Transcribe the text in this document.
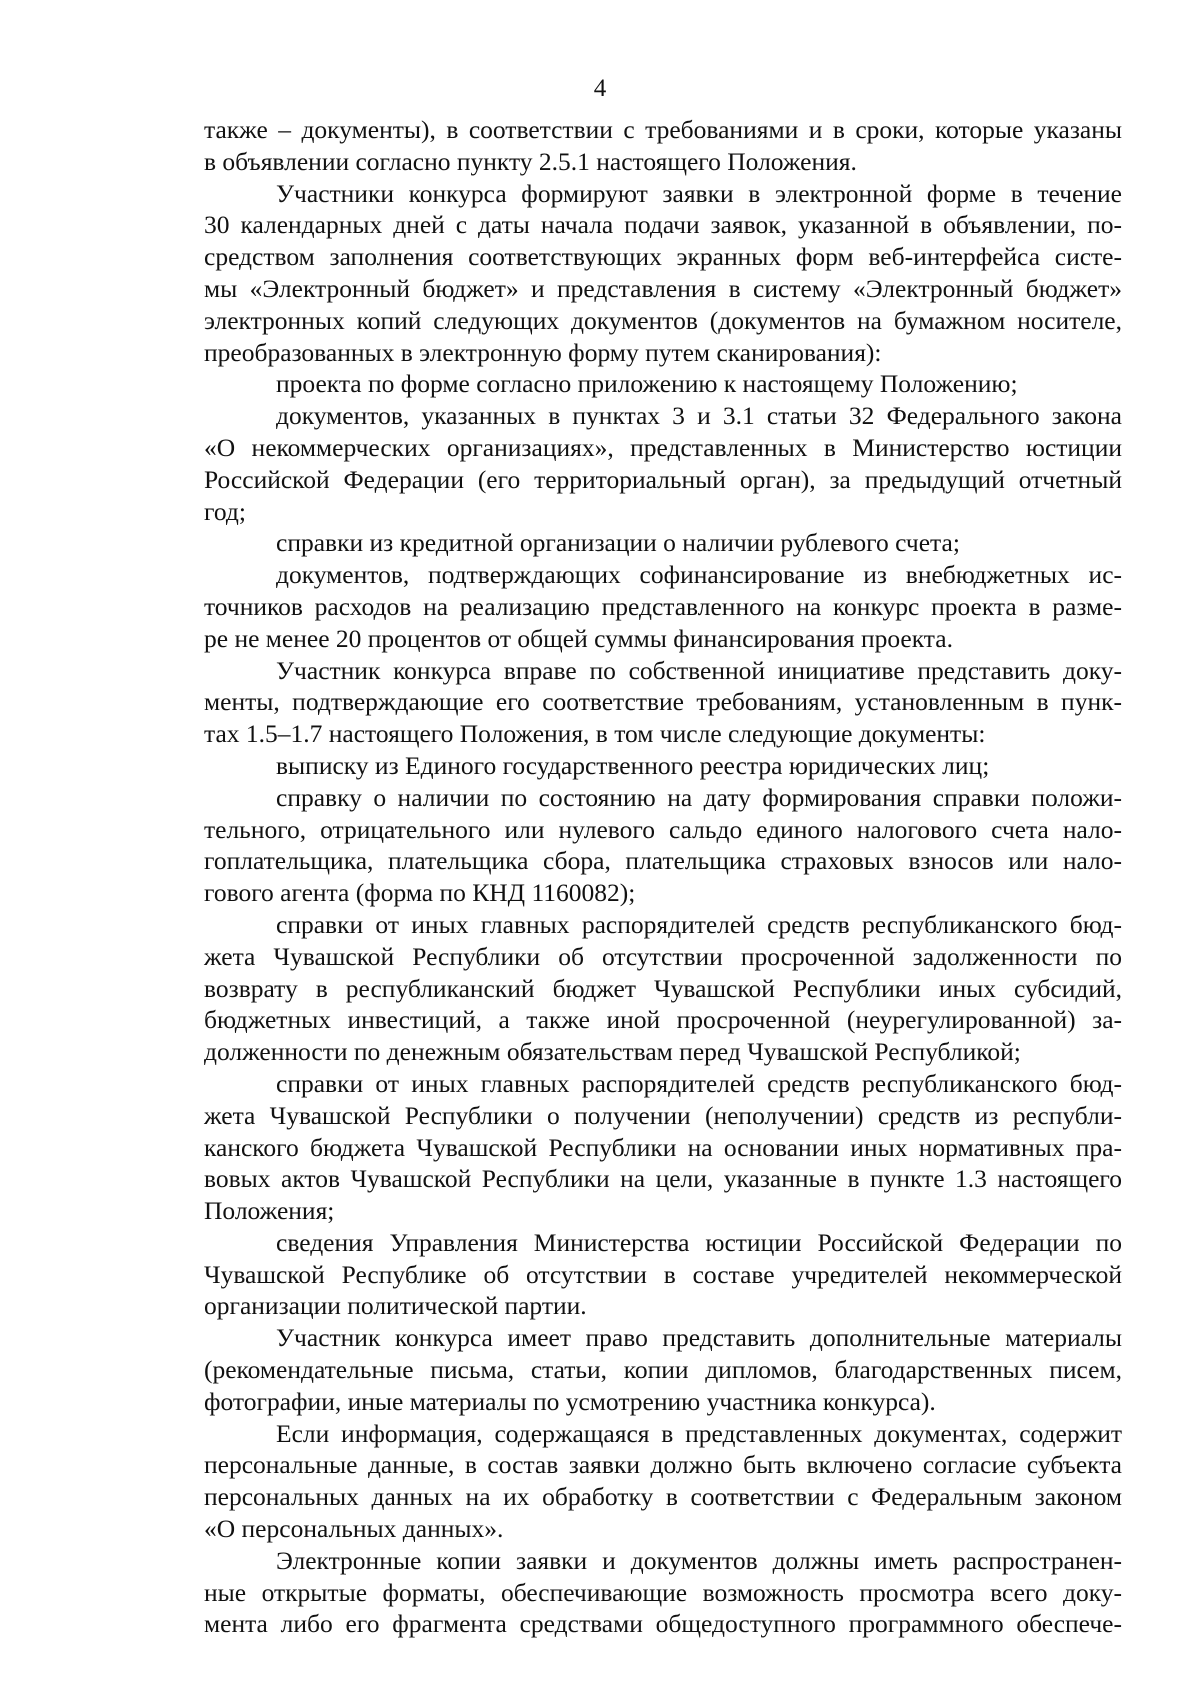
4
также – документы), в соответствии с требованиями и в сроки, которые указаны
в объявлении согласно пункту 2.5.1 настоящего Положения.
Участники конкурса формируют заявки в электронной форме в течение
30 календарных дней с даты начала подачи заявок, указанной в объявлении, по-
средством заполнения соответствующих экранных форм веб-интерфейса систе-
мы «Электронный бюджет» и представления в систему «Электронный бюджет»
электронных копий следующих документов (документов на бумажном носителе,
преобразованных в электронную форму путем сканирования):
проекта по форме согласно приложению к настоящему Положению;
документов, указанных в пунктах 3 и 3.1 статьи 32 Федерального закона
«О некоммерческих организациях», представленных в Министерство юстиции
Российской Федерации (его территориальный орган), за предыдущий отчетный
год;
справки из кредитной организации о наличии рублевого счета;
документов, подтверждающих софинансирование из внебюджетных ис-
точников расходов на реализацию представленного на конкурс проекта в разме-
ре не менее 20 процентов от общей суммы финансирования проекта.
Участник конкурса вправе по собственной инициативе представить доку-
менты, подтверждающие его соответствие требованиям, установленным в пунк-
тах 1.5–1.7 настоящего Положения, в том числе следующие документы:
выписку из Единого государственного реестра юридических лиц;
справку о наличии по состоянию на дату формирования справки положи-
тельного, отрицательного или нулевого сальдо единого налогового счета нало-
гоплательщика, плательщика сбора, плательщика страховых взносов или нало-
гового агента (форма по КНД 1160082);
справки от иных главных распорядителей средств республиканского бюд-
жета Чувашской Республики об отсутствии просроченной задолженности по
возврату в республиканский бюджет Чувашской Республики иных субсидий,
бюджетных инвестиций, а также иной просроченной (неурегулированной) за-
долженности по денежным обязательствам перед Чувашской Республикой;
справки от иных главных распорядителей средств республиканского бюд-
жета Чувашской Республики о получении (неполучении) средств из республи-
канского бюджета Чувашской Республики на основании иных нормативных пра-
вовых актов Чувашской Республики на цели, указанные в пункте 1.3 настоящего
Положения;
сведения Управления Министерства юстиции Российской Федерации по
Чувашской Республике об отсутствии в составе учредителей некоммерческой
организации политической партии.
Участник конкурса имеет право представить дополнительные материалы
(рекомендательные письма, статьи, копии дипломов, благодарственных писем,
фотографии, иные материалы по усмотрению участника конкурса).
Если информация, содержащаяся в представленных документах, содержит
персональные данные, в состав заявки должно быть включено согласие субъекта
персональных данных на их обработку в соответствии с Федеральным законом
«О персональных данных».
Электронные копии заявки и документов должны иметь распространен-
ные открытые форматы, обеспечивающие возможность просмотра всего доку-
мента либо его фрагмента средствами общедоступного программного обеспече-
